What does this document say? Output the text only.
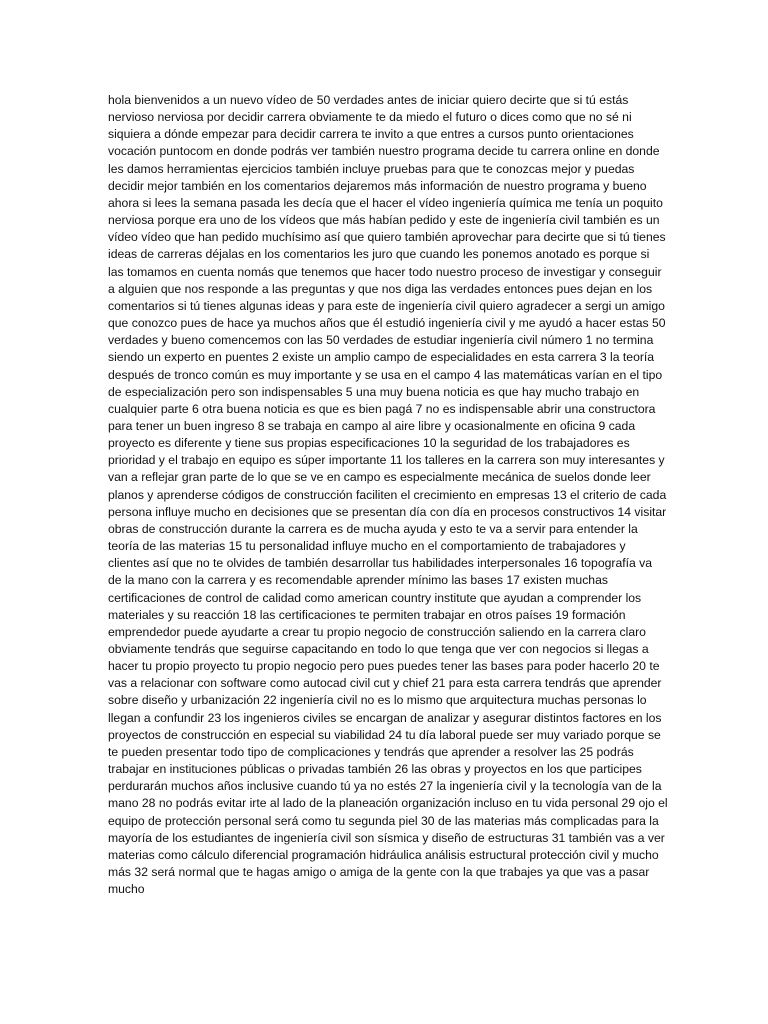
hola bienvenidos a un nuevo vídeo de 50 verdades antes de iniciar quiero decirte que si tú estás nervioso nerviosa por decidir carrera obviamente te da miedo el futuro o dices como que no sé ni siquiera a dónde empezar para decidir carrera te invito a que entres a cursos punto orientaciones vocación puntocom en donde podrás ver también nuestro programa decide tu carrera online en donde les damos herramientas ejercicios también incluye pruebas para que te conozcas mejor y puedas decidir mejor también en los comentarios dejaremos más información de nuestro programa y bueno ahora si lees la semana pasada les decía que el hacer el vídeo ingeniería química me tenía un poquito nerviosa porque era uno de los vídeos que más habían pedido y este de ingeniería civil también es un vídeo vídeo que han pedido muchísimo así que quiero también aprovechar para decirte que si tú tienes ideas de carreras déjalas en los comentarios les juro que cuando les ponemos anotado es porque si las tomamos en cuenta nomás que tenemos que hacer todo nuestro proceso de investigar y conseguir a alguien que nos responde a las preguntas y que nos diga las verdades entonces pues dejan en los comentarios si tú tienes algunas ideas y para este de ingeniería civil quiero agradecer a sergi un amigo que conozco pues de hace ya muchos años que él estudió ingeniería civil y me ayudó a hacer estas 50 verdades y bueno comencemos con las 50 verdades de estudiar ingeniería civil número 1 no termina siendo un experto en puentes 2 existe un amplio campo de especialidades en esta carrera 3 la teoría después de tronco común es muy importante y se usa en el campo 4 las matemáticas varían en el tipo de especialización pero son indispensables 5 una muy buena noticia es que hay mucho trabajo en cualquier parte 6 otra buena noticia es que es bien pagá 7 no es indispensable abrir una constructora para tener un buen ingreso 8 se trabaja en campo al aire libre y ocasionalmente en oficina 9 cada proyecto es diferente y tiene sus propias especificaciones 10 la seguridad de los trabajadores es prioridad y el trabajo en equipo es súper importante 11 los talleres en la carrera son muy interesantes y van a reflejar gran parte de lo que se ve en campo es especialmente mecánica de suelos donde leer planos y aprenderse códigos de construcción faciliten el crecimiento en empresas 13 el criterio de cada persona influye mucho en decisiones que se presentan día con día en procesos constructivos 14 visitar obras de construcción durante la carrera es de mucha ayuda y esto te va a servir para entender la teoría de las materias 15 tu personalidad influye mucho en el comportamiento de trabajadores y clientes así que no te olvides de también desarrollar tus habilidades interpersonales 16 topografía va de la mano con la carrera y es recomendable aprender mínimo las bases 17 existen muchas certificaciones de control de calidad como american country institute que ayudan a comprender los materiales y su reacción 18 las certificaciones te permiten trabajar en otros países 19 formación emprendedor puede ayudarte a crear tu propio negocio de construcción saliendo en la carrera claro obviamente tendrás que seguirse capacitando en todo lo que tenga que ver con negocios si llegas a hacer tu propio proyecto tu propio negocio pero pues puedes tener las bases para poder hacerlo 20 te vas a relacionar con software como autocad civil cut y chief 21 para esta carrera tendrás que aprender sobre diseño y urbanización 22 ingeniería civil no es lo mismo que arquitectura muchas personas lo llegan a confundir 23 los ingenieros civiles se encargan de analizar y asegurar distintos factores en los proyectos de construcción en especial su viabilidad 24 tu día laboral puede ser muy variado porque se te pueden presentar todo tipo de complicaciones y tendrás que aprender a resolver las 25 podrás trabajar en instituciones públicas o privadas también 26 las obras y proyectos en los que participes perdurarán muchos años inclusive cuando tú ya no estés 27 la ingeniería civil y la tecnología van de la mano 28 no podrás evitar irte al lado de la planeación organización incluso en tu vida personal 29 ojo el equipo de protección personal será como tu segunda piel 30 de las materias más complicadas para la mayoría de los estudiantes de ingeniería civil son sísmica y diseño de estructuras 31 también vas a ver materias como cálculo diferencial programación hidráulica análisis estructural protección civil y mucho más 32 será normal que te hagas amigo o amiga de la gente con la que trabajes ya que vas a pasar mucho
